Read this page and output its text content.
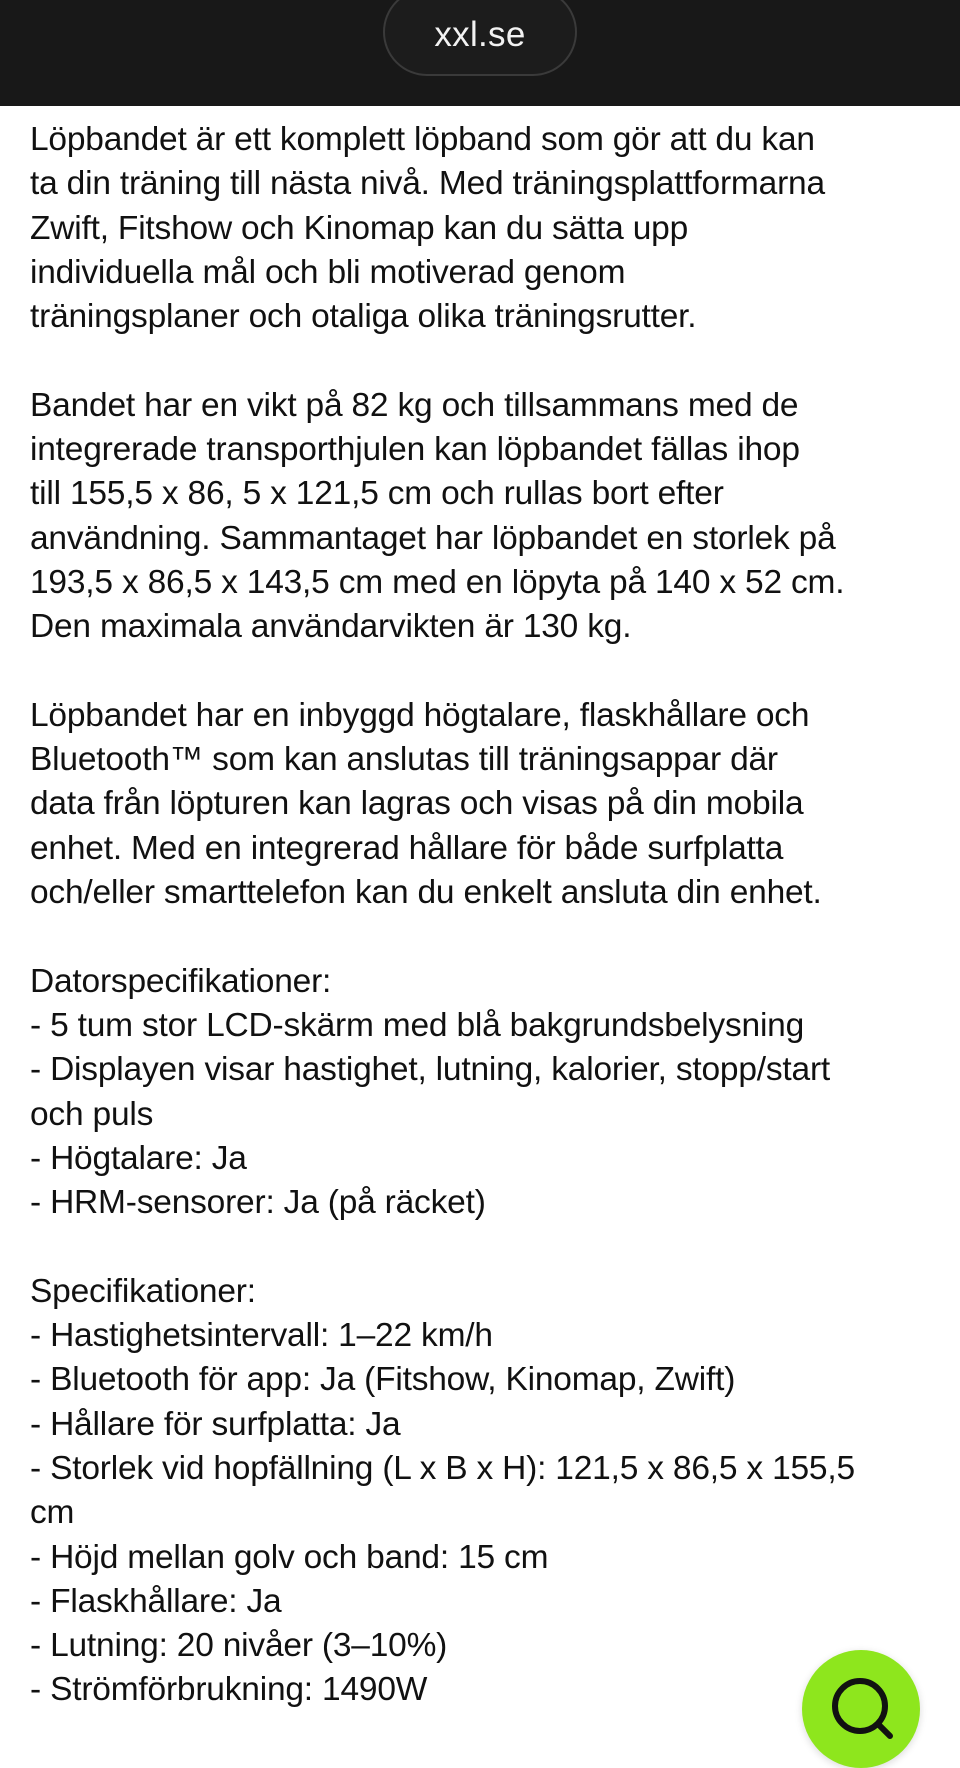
xxl.se

Löpbandet är ett komplett löpband som gör att du kan
ta din träning till nästa nivå. Med träningsplattformarna
Zwift, Fitshow och Kinomap kan du sätta upp
individuella mål och bli motiverad genom
träningsplaner och otaliga olika träningsrutter.

Bandet har en vikt på 82 kg och tillsammans med de
integrerade transporthjulen kan löpbandet fällas ihop
till 155,5 x 86, 5 x 121,5 cm och rullas bort efter
användning. Sammantaget har löpbandet en storlek på
193,5 x 86,5 x 143,5 cm med en löpyta på 140 x 52 cm.
Den maximala användarvikten är 130 kg.

Löpbandet har en inbyggd högtalare, flaskhållare och
Bluetooth™ som kan anslutas till träningsappar där
data från löpturen kan lagras och visas på din mobila
enhet. Med en integrerad hållare för både surfplatta
och/eller smarttelefon kan du enkelt ansluta din enhet.

Datorspecifikationer:
- 5 tum stor LCD-skärm med blå bakgrundsbelysning
- Displayen visar hastighet, lutning, kalorier, stopp/start
och puls
- Högtalare: Ja
- HRM-sensorer: Ja (på räcket)

Specifikationer:
- Hastighetsintervall: 1–22 km/h
- Bluetooth för app: Ja (Fitshow, Kinomap, Zwift)
- Hållare för surfplatta: Ja
- Storlek vid hopfällning (L x B x H): 121,5 x 86,5 x 155,5
cm
- Höjd mellan golv och band: 15 cm
- Flaskhållare: Ja
- Lutning: 20 nivåer (3–10%)
- Strömförbrukning: 1490W
